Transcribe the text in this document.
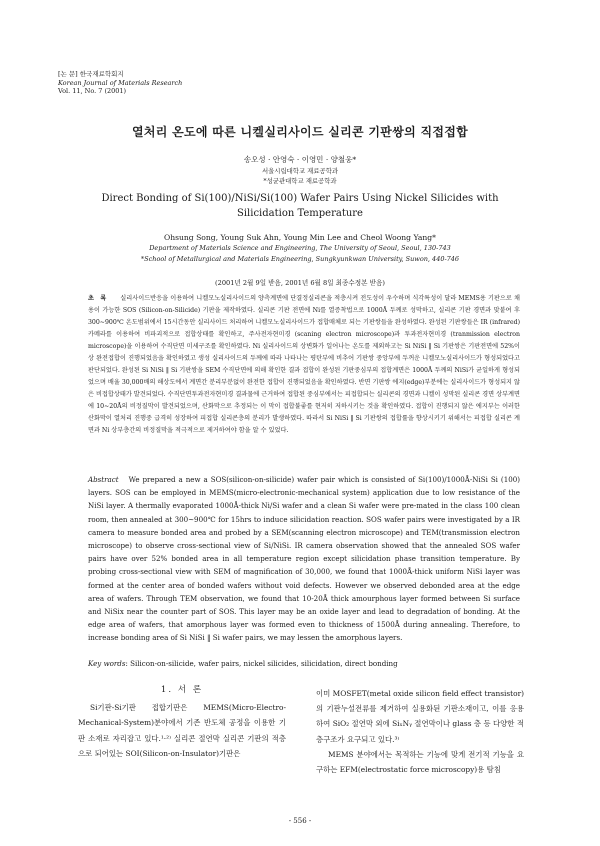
[논 문] 한국재료학회지
Korean Journal of Materials Research
Vol. 11, No. 7 (2001)
열처리 온도에 따른 니켈실리사이드 실리콘 기판쌍의 직접접합
송오성 · 안영숙 · 이영민 · 양철웅*
서울시립대학교 재료공학과
*성균관대학교 재료공학과
Direct Bonding of Si(100)/NiSi/Si(100) Wafer Pairs Using Nickel Silicides with
Silicidation Temperature
Ohsung Song, Young Suk Ahn, Young Min Lee and Cheol Woong Yang*
Department of Materials Science and Engineering, The University of Seoul, Seoul, 130-743
*School of Metallurgical and Materials Engineering, Sungkyunkwan University, Suwon, 440-746
(2001년 2월 9일 받음, 2001년 6월 8일 최종수정본 받음)
초 록 실리사이드반응을 이용하여 니켈모노실리사이드의 양측계면에 단결정실리콘을 적층시켜 전도성이 우수하며 식각특성이 달라 MEMS용 기판으로 채용이 가능한 SOS (Silicon-on-Silicide) 기판을 제작하였다. 실리콘 기판 전면에 Ni를 열증착법으로 1000Å 두께로 성막하고, 실리콘 기판 경면과 맞붙여 후 300~900℃ 온도범위에서 15시간동안 실리사이드 처리하여 니켈모노실리사이드가 접합매체로 되는 기판쌍들을 완성하였다. 완성된 기판쌍들은 IR (infrared) 카메라를 이용하여 비파괴적으로 접합상태를 확인하고, 주사전자현미경 (scaning electron microscope)과 투과전자현미경 (tranmission electron microscope)을 이용하여 수직단면 미세구조를 확인하였다. Ni 실리사이드의 상변화가 일어나는 온도를 제외하고는 Si NiSi ‖ Si 기판쌍은 기판전면에 52%이상 완전접합이 진행되었음을 확인하였고 생성 실리사이드의 두께에 따라 나타나는 평탄부에 비추어 기판쌍 중앙부에 두꺼운 니켈모노실리사이드가 형성되었다고 판단되었다. 완성된 Si NiSi ‖ Si 기판쌍을 SEM 수직단면에 의해 확인한 결과 접합이 완성된 기판중심부의 접합계면은 1000Å 두께의 NiSi가 균일하게 형성되었으며 배율 30,000배의 해상도에서 계면간 분리부분없이 완전한 접합이 진행되었음을 확인하였다. 반면 기판쌍 에지(edge)부분에는 실리사이드가 형성되지 않은 비접합상태가 발견되었다. 수직단면투과전자현미경 결과물에 근거하여 접합된 중심부에서는 피접합되는 실리콘의 경면과 니켈이 성막된 실리콘 경면 상부계면에 10~20Å의 비정질막이 발견되었으며, 산화막으로 추정되는 이 막이 접합불좋를 현저히 저하시키는 것을 확인하였다. 접합이 진행되지 않은 에지부는 이러한 산화막이 열처리 진행중 급격히 성장하여 피접합 실리콘층의 분리가 발생하였다. 따라서 Si NiSi ‖ Si 기판쌍의 접합률을 향상시키기 위해서는 피접합 실리콘 계면과 Ni 상부층간의 비정질막을 적극적으로 제거하여야 함을 알 수 있었다.
Abstract We prepared a new a SOS(silicon-on-silicide) wafer pair which is consisted of Si(100)/1000Å-NiSi Si (100) layers. SOS can be employed in MEMS(micro-electronic-mechanical system) application due to low resistance of the NiSi layer. A thermally evaporated 1000Å-thick Ni/Si wafer and a clean Si wafer were pre-mated in the class 100 clean room, then annealed at 300~900℃ for 15hrs to induce silicidation reaction. SOS wafer pairs were investigated by a IR camera to measure bonded area and probed by a SEM(scanning electron microscope) and TEM(transmission electron microscope) to observe cross-sectional view of Si/NiSi. IR camera observation showed that the annealed SOS wafer pairs have over 52% bonded area in all temperature region except silicidation phase transition temperature. By probing cross-sectional view with SEM of magnification of 30,000, we found that 1000Å-thick uniform NiSi layer was formed at the center area of bonded wafers without void defects. However we observed debonded area at the edge area of wafers. Through TEM observation, we found that 10-20Å thick amourphous layer formed between Si surface and NiSix near the counter part of SOS. This layer may be an oxide layer and lead to degradation of bonding. At the edge area of wafers, that amorphous layer was formed even to thickness of 1500Å during annealing. Therefore, to increase bonding area of Si NiSi ‖ Si wafer pairs, we may lessen the amorphous layers.
Key words: Silicon-on-silicide, wafer pairs, nickel silicides, silicidation, direct bonding
1. 서 론

Si기판-Si기판 접합기판은 MEMS(Micro-Electro-Mechanical-System)분야에서 기존 반도체 공정을 이용한 기판 소재로 자리잡고 있다.¹·²⁾ 실리콘 절연막 실리콘 기판의 적층으로 되어있는 SOI(Silicon-on-Insulator)기판은

이미 MOSFET(metal oxide silicon field effect transistor)의 기판누설전류를 제거하여 실용화된 기판소재이고, 이를 응용하여 SiO₂ 절연막 외에 SiₓNᵧ 절연막이나 glass 층 등 다양한 적층구조가 요구되고 있다.³⁾

MEMS 분야에서는 목적하는 기능에 맞게 전기적 기능을 요구하는 EFM(electrostatic force microscopy)용 탐침

- 556 -
